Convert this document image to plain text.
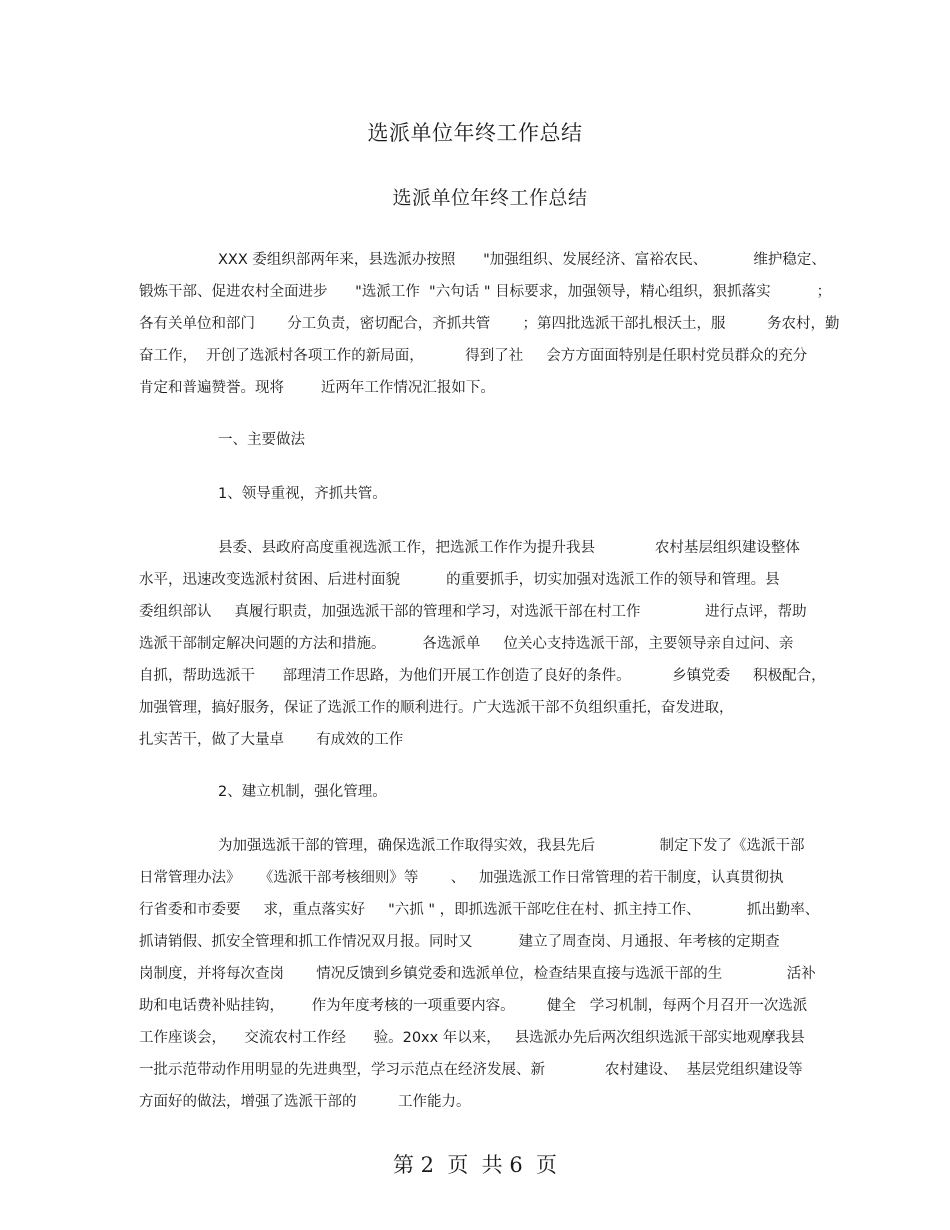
选派单位年终工作总结
选派单位年终工作总结
XXX 委组织部两年来，县选派办按照      "加强组织、发展经济、富裕农民、          维护稳定、
锻炼干部、促进农村全面进步      "选派工作  "六句话 " 目标要求，加强领导，精心组织，狠抓落实          ；
各有关单位和部门       分工负责，密切配合，齐抓共管       ；第四批选派干部扎根沃土，服         务农村，勤
奋工作，  开创了选派村各项工作的新局面，         得到了社     会方方面面特别是任职村党员群众的充分
肯定和普遍赞誉。现将        近两年工作情况汇报如下。
一、主要做法
1、领导重视，齐抓共管。
县委、县政府高度重视选派工作，把选派工作作为提升我县             农村基层组织建设整体
水平，迅速改变选派村贫困、后进村面貌          的重要抓手，切实加强对选派工作的领导和管理。县
委组织部认     真履行职责，加强选派干部的管理和学习，对选派干部在村工作              进行点评，帮助
选派干部制定解决问题的方法和措施。        各选派单     位关心支持选派干部，主要领导亲自过问、亲
自抓，帮助选派干      部理清工作思路，为他们开展工作创造了良好的条件。         乡镇党委     积极配合，
加强管理，搞好服务，保证了选派工作的顺利进行。广大选派干部不负组织重托，奋发进取，
扎实苦干，做了大量卓       有成效的工作
2、建立机制，强化管理。
为加强选派干部的管理，确保选派工作取得实效，我县先后              制定下发了《选派干部
日常管理办法》    《选派干部考核细则》等       、   加强选派工作日常管理的若干制度，认真贯彻执
行省委和市委要     求，重点落实好     "六抓 " ，即抓选派干部吃住在村、抓主持工作、          抓出勤率、
抓请销假、抓安全管理和抓工作情况双月报。同时又          建立了周查岗、月通报、年考核的定期查
岗制度，并将每次查岗       情况反馈到乡镇党委和选派单位，检查结果直接与选派干部的生              活补
助和电话费补贴挂钩，      作为年度考核的一项重要内容。       健全   学习机制，每两个月召开一次选派
工作座谈会，    交流农村工作经      验。20xx 年以来，   县选派办先后两次组织选派干部实地观摩我县
一批示范带动作用明显的先进典型，学习示范点在经济发展、新             农村建设、  基层党组织建设等
方面好的做法，增强了选派干部的         工作能力。
第 2  页  共 6  页
